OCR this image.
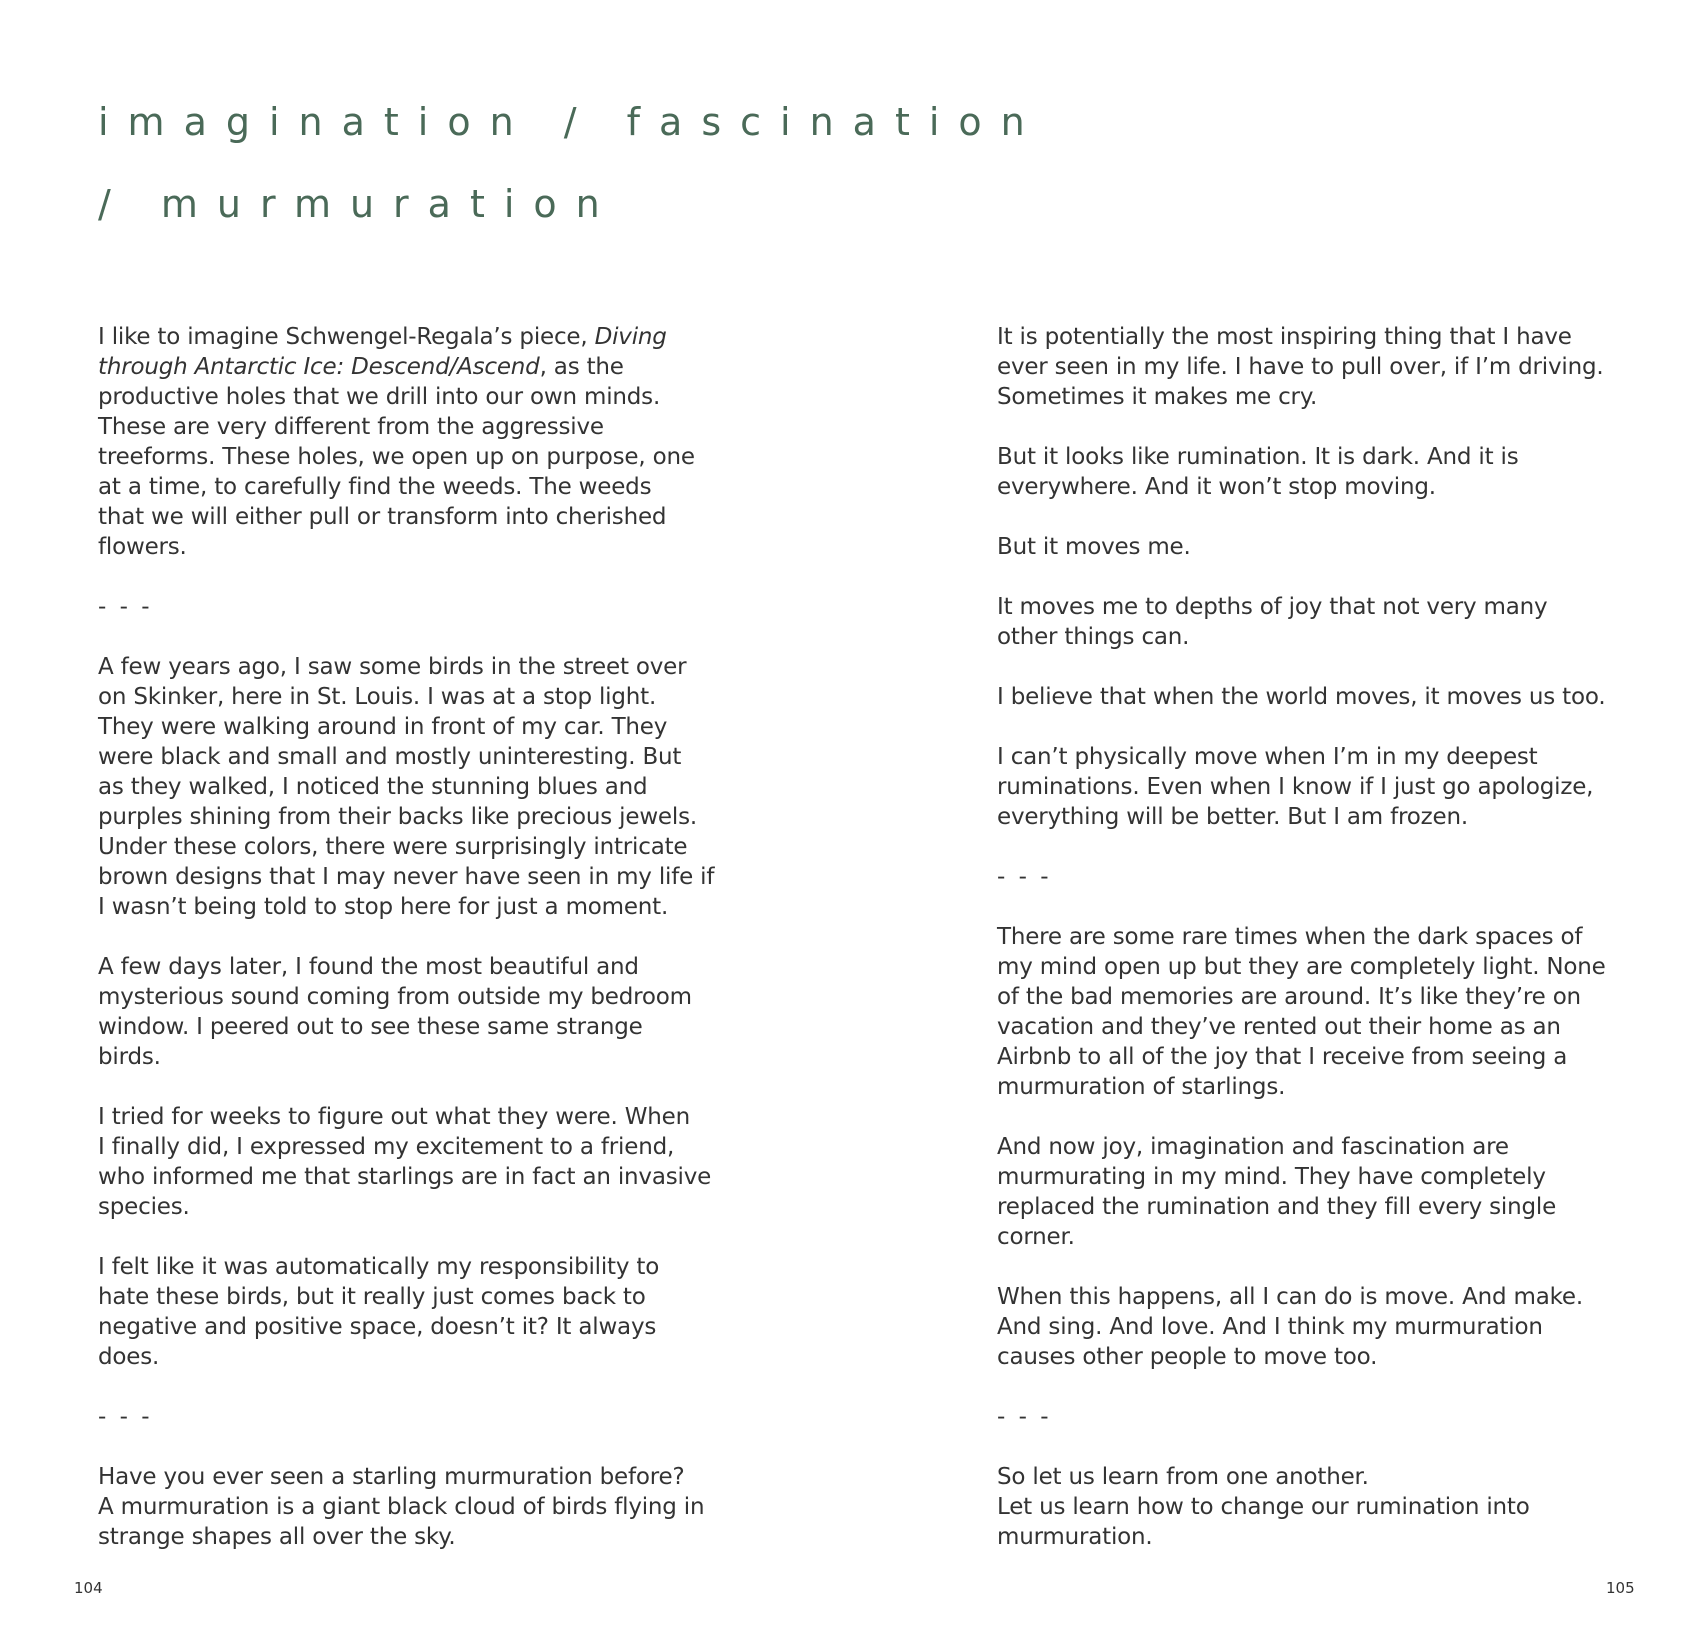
imagination / fascination
/ murmuration

I like to imagine Schwengel-Regala’s piece, Diving
through Antarctic Ice: Descend/Ascend, as the
productive holes that we drill into our own minds.
These are very different from the aggressive
treeforms. These holes, we open up on purpose, one
at a time, to carefully find the weeds. The weeds
that we will either pull or transform into cherished
flowers.

- - -

A few years ago, I saw some birds in the street over
on Skinker, here in St. Louis. I was at a stop light.
They were walking around in front of my car. They
were black and small and mostly uninteresting. But
as they walked, I noticed the stunning blues and
purples shining from their backs like precious jewels.
Under these colors, there were surprisingly intricate
brown designs that I may never have seen in my life if
I wasn’t being told to stop here for just a moment.

A few days later, I found the most beautiful and
mysterious sound coming from outside my bedroom
window. I peered out to see these same strange
birds.

I tried for weeks to figure out what they were. When
I finally did, I expressed my excitement to a friend,
who informed me that starlings are in fact an invasive
species.

I felt like it was automatically my responsibility to
hate these birds, but it really just comes back to
negative and positive space, doesn’t it? It always
does.

- - -

Have you ever seen a starling murmuration before?
A murmuration is a giant black cloud of birds flying in
strange shapes all over the sky.

It is potentially the most inspiring thing that I have
ever seen in my life. I have to pull over, if I’m driving.
Sometimes it makes me cry.

But it looks like rumination. It is dark. And it is
everywhere. And it won’t stop moving.

But it moves me.

It moves me to depths of joy that not very many
other things can.

I believe that when the world moves, it moves us too.

I can’t physically move when I’m in my deepest
ruminations. Even when I know if I just go apologize,
everything will be better. But I am frozen.

- - -

There are some rare times when the dark spaces of
my mind open up but they are completely light. None
of the bad memories are around. It’s like they’re on
vacation and they’ve rented out their home as an
Airbnb to all of the joy that I receive from seeing a
murmuration of starlings.

And now joy, imagination and fascination are
murmurating in my mind. They have completely
replaced the rumination and they fill every single
corner.

When this happens, all I can do is move. And make.
And sing. And love. And I think my murmuration
causes other people to move too.

- - -

So let us learn from one another.
Let us learn how to change our rumination into
murmuration.

104	105
